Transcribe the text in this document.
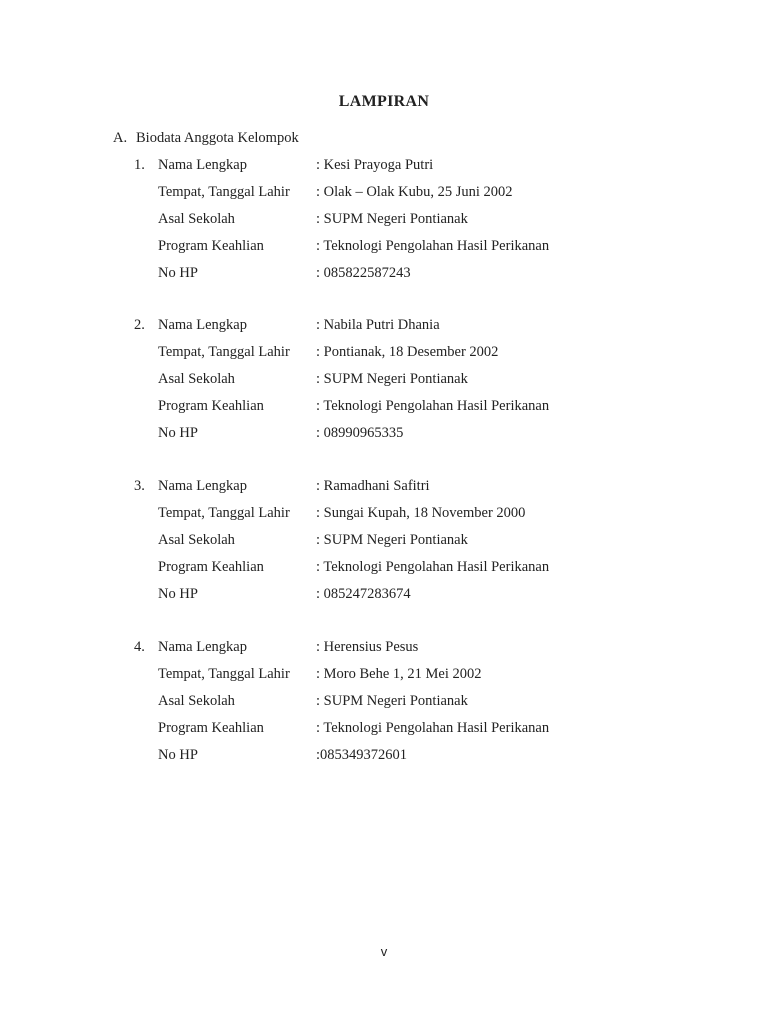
LAMPIRAN
A. Biodata Anggota Kelompok
1. Nama Lengkap	: Kesi Prayoga Putri
Tempat, Tanggal Lahir : Olak – Olak Kubu, 25 Juni 2002
Asal Sekolah	: SUPM Negeri Pontianak
Program Keahlian	: Teknologi Pengolahan Hasil Perikanan
No HP	: 085822587243
2. Nama Lengkap	: Nabila Putri Dhania
Tempat, Tanggal Lahir : Pontianak, 18 Desember 2002
Asal Sekolah	: SUPM Negeri Pontianak
Program Keahlian	: Teknologi Pengolahan Hasil Perikanan
No HP	: 08990965335
3. Nama Lengkap	: Ramadhani Safitri
Tempat, Tanggal Lahir : Sungai Kupah, 18 November 2000
Asal Sekolah	: SUPM Negeri Pontianak
Program Keahlian	: Teknologi Pengolahan Hasil Perikanan
No HP	: 085247283674
4. Nama Lengkap	: Herensius Pesus
Tempat, Tanggal Lahir : Moro Behe 1, 21 Mei 2002
Asal Sekolah	: SUPM Negeri Pontianak
Program Keahlian	: Teknologi Pengolahan Hasil Perikanan
No HP	:085349372601
v
